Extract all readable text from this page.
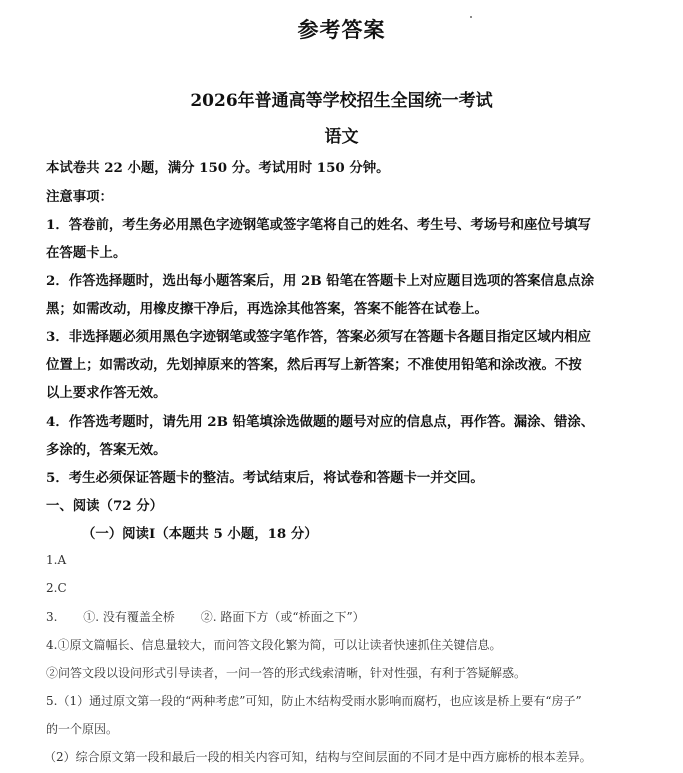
参考答案
2026年普通高等学校招生全国统一考试
语文
本试卷共 22 小题，满分 150 分。考试用时 150 分钟。
注意事项：
1．答卷前，考生务必用黑色字迹钢笔或签字笔将自己的姓名、考生号、考场号和座位号填写
在答题卡上。
2．作答选择题时，选出每小题答案后，用 2B 铅笔在答题卡上对应题目选项的答案信息点涂
黑；如需改动，用橡皮擦干净后，再选涂其他答案，答案不能答在试卷上。
3．非选择题必须用黑色字迹钢笔或签字笔作答，答案必须写在答题卡各题目指定区域内相应
位置上；如需改动，先划掉原来的答案，然后再写上新答案；不准使用铅笔和涂改液。不按
以上要求作答无效。
4．作答选考题时，请先用 2B 铅笔填涂选做题的题号对应的信息点，再作答。漏涂、错涂、
多涂的，答案无效。
5．考生必须保证答题卡的整洁。考试结束后，将试卷和答题卡一并交回。
一、阅读（72 分）
（一）阅读I（本题共 5 小题，18 分）
1.A
2.C
3. ①. 没有覆盖全桥 ②. 路面下方（或“桥面之下”）
4.①原文篇幅长、信息量较大，而问答文段化繁为简，可以让读者快速抓住关键信息。
②问答文段以设问形式引导读者，一问一答的形式线索清晰，针对性强，有利于答疑解惑。
5.（1）通过原文第一段的“两种考虑”可知，防止木结构受雨水影响而腐朽，也应该是桥上要有“房子”
的一个原因。
（2）综合原文第一段和最后一段的相关内容可知，结构与空间层面的不同才是中西方廊桥的根本差异。
